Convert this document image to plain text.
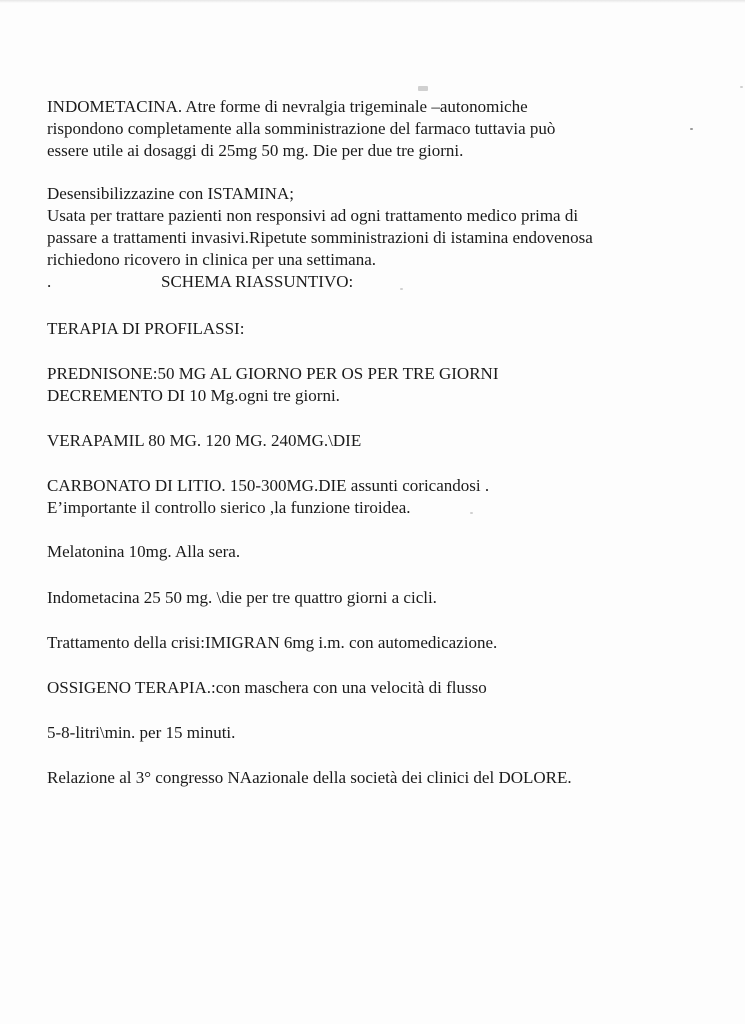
INDOMETACINA. Atre forme di nevralgia trigeminale –autonomiche
rispondono completamente alla somministrazione del farmaco tuttavia può
essere utile ai dosaggi di 25mg 50 mg. Die per due tre giorni.
Desensibilizzazine con ISTAMINA;
Usata per trattare pazienti non responsivi ad ogni trattamento medico prima di
passare a trattamenti invasivi.Ripetute somministrazioni di istamina endovenosa
richiedono ricovero in clinica per una settimana.
.	SCHEMA RIASSUNTIVO:
TERAPIA DI PROFILASSI:
PREDNISONE:50 MG AL GIORNO PER OS PER TRE GIORNI
DECREMENTO DI 10 Mg.ogni tre giorni.
VERAPAMIL 80 MG. 120 MG. 240MG.\DIE
CARBONATO DI LITIO. 150-300MG.DIE assunti coricandosi .
E’importante il controllo sierico ,la funzione tiroidea.
Melatonina 10mg. Alla sera.
Indometacina 25 50 mg. \die per tre quattro giorni a cicli.
Trattamento della crisi:IMIGRAN 6mg i.m. con automedicazione.
OSSIGENO TERAPIA.:con maschera con una velocità di flusso
5-8-litri\min. per 15 minuti.
Relazione al 3° congresso NAazionale della società dei clinici del DOLORE.
